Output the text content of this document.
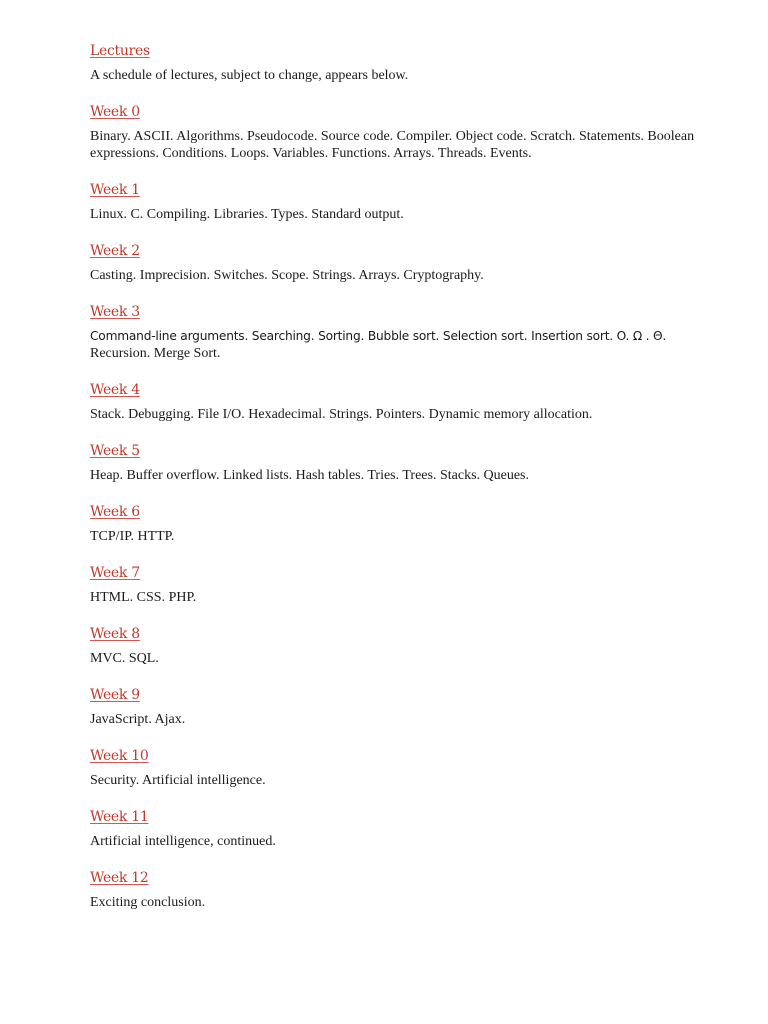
Lectures

A schedule of lectures, subject to change, appears below.

Week 0

Binary. ASCII. Algorithms. Pseudocode. Source code. Compiler. Object code. Scratch. Statements. Boolean expressions. Conditions. Loops. Variables. Functions. Arrays. Threads. Events.

Week 1

Linux. C. Compiling. Libraries. Types. Standard output.

Week 2

Casting. Imprecision. Switches. Scope. Strings. Arrays. Cryptography.

Week 3

Command-line arguments. Searching. Sorting. Bubble sort. Selection sort. Insertion sort. O. Ω . Θ.
Recursion. Merge Sort.

Week 4

Stack. Debugging. File I/O. Hexadecimal. Strings. Pointers. Dynamic memory allocation.

Week 5

Heap. Buffer overflow. Linked lists. Hash tables. Tries. Trees. Stacks. Queues.

Week 6

TCP/IP. HTTP.

Week 7

HTML. CSS. PHP.

Week 8

MVC. SQL.

Week 9

JavaScript. Ajax.

Week 10

Security. Artificial intelligence.

Week 11

Artificial intelligence, continued.

Week 12

Exciting conclusion.
